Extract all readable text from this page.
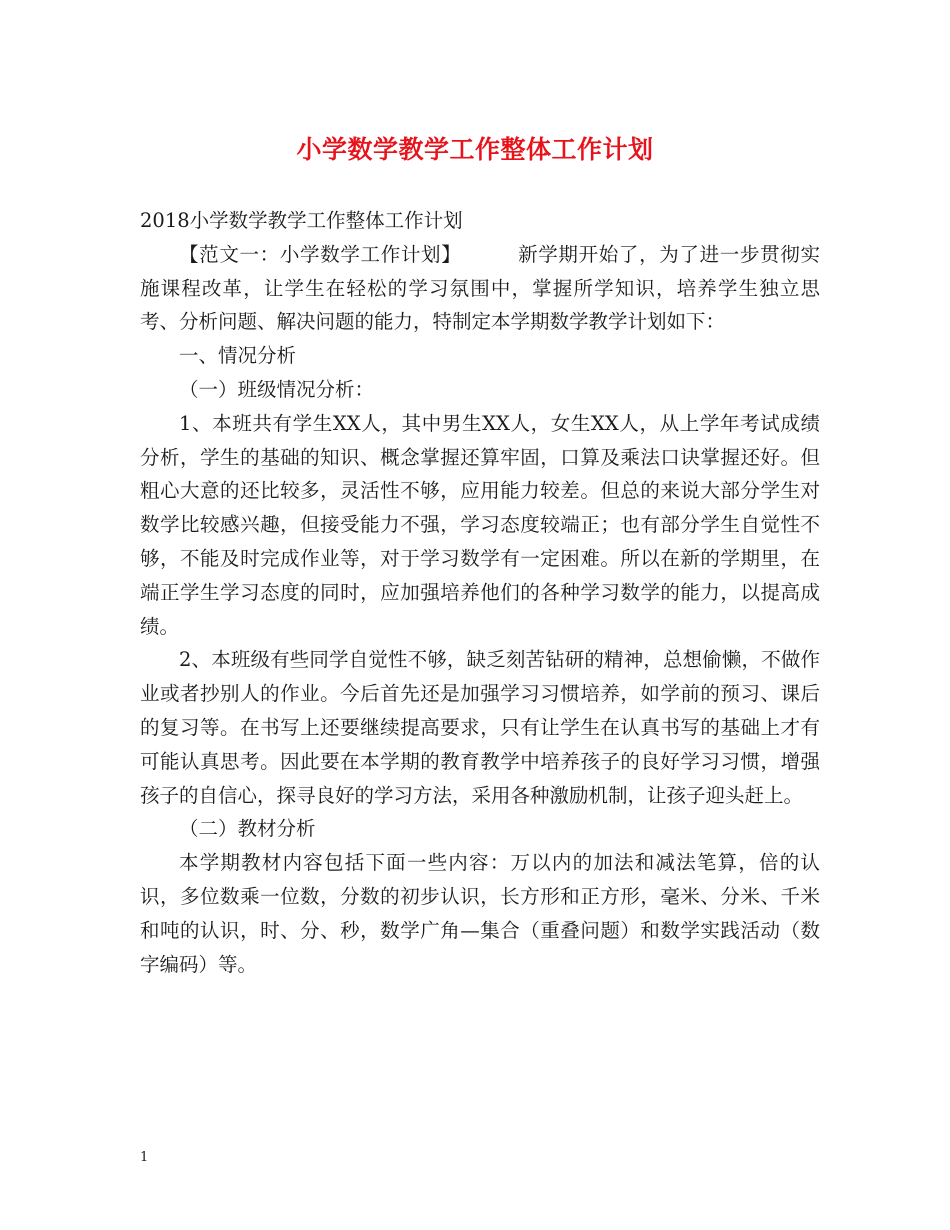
小学数学教学工作整体工作计划

2018小学数学教学工作整体工作计划

【范文一：小学数学工作计划】	新学期开始了，为了进一步贯彻实施课程改革，让学生在轻松的学习氛围中，掌握所学知识，培养学生独立思考、分析问题、解决问题的能力，特制定本学期数学教学计划如下：

一、情况分析

（一）班级情况分析：

1、本班共有学生XX人，其中男生XX人，女生XX人，从上学年考试成绩分析，学生的基础的知识、概念掌握还算牢固，口算及乘法口诀掌握还好。但粗心大意的还比较多，灵活性不够，应用能力较差。但总的来说大部分学生对数学比较感兴趣，但接受能力不强，学习态度较端正；也有部分学生自觉性不够，不能及时完成作业等，对于学习数学有一定困难。所以在新的学期里，在端正学生学习态度的同时，应加强培养他们的各种学习数学的能力，以提高成绩。

2、本班级有些同学自觉性不够，缺乏刻苦钻研的精神，总想偷懒，不做作业或者抄别人的作业。今后首先还是加强学习习惯培养，如学前的预习、课后的复习等。在书写上还要继续提高要求，只有让学生在认真书写的基础上才有可能认真思考。因此要在本学期的教育教学中培养孩子的良好学习习惯，增强孩子的自信心，探寻良好的学习方法，采用各种激励机制，让孩子迎头赶上。

（二）教材分析

本学期教材内容包括下面一些内容：万以内的加法和减法笔算，倍的认识，多位数乘一位数，分数的初步认识，长方形和正方形，毫米、分米、千米和吨的认识，时、分、秒，数学广角—集合（重叠问题）和数学实践活动（数字编码）等。

1
